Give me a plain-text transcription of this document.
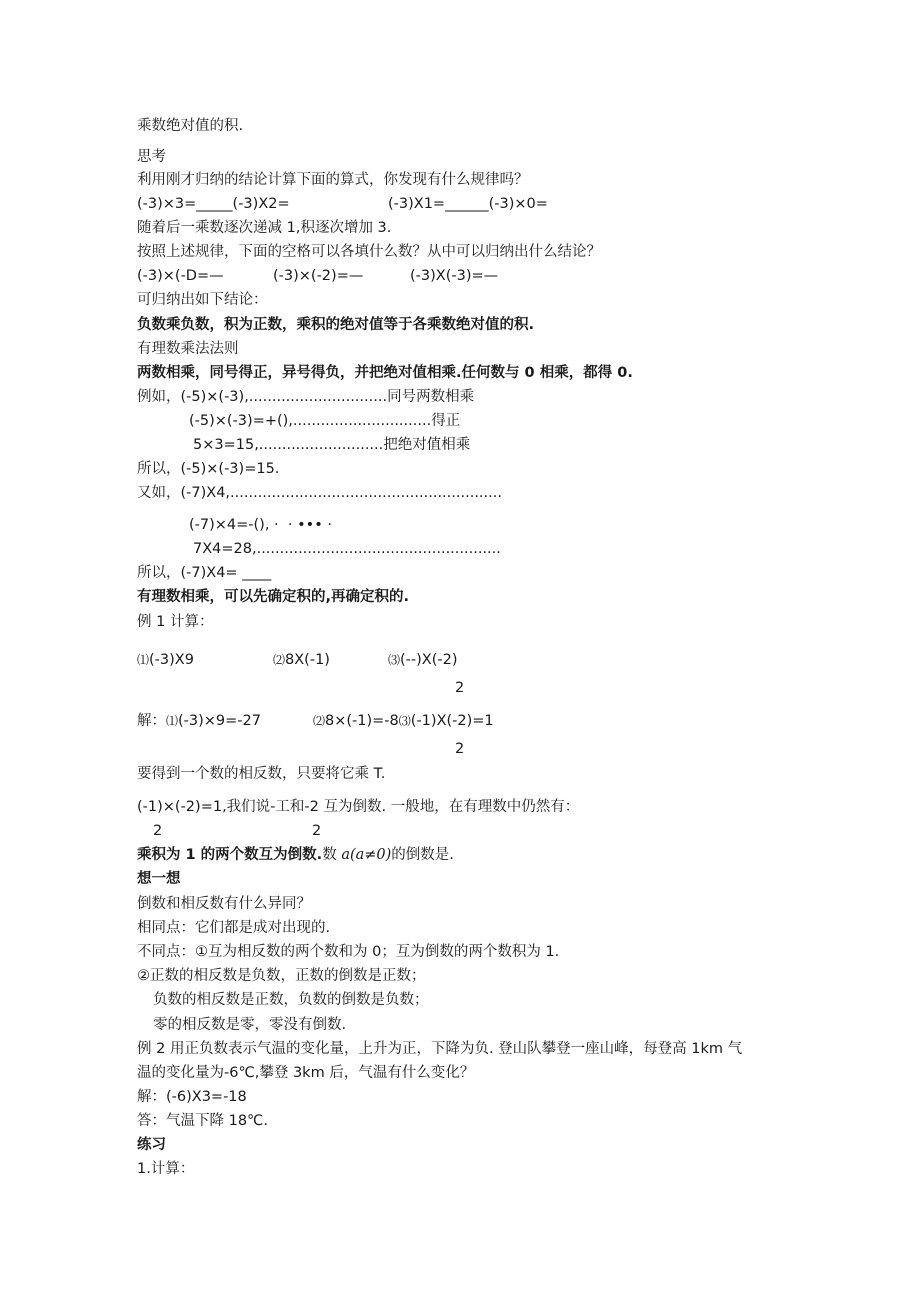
乘数绝对值的积.
思考
利用刚才归纳的结论计算下面的算式，你发现有什么规律吗？
(-3)×3=_____(-3)X2=	(-3)X1=______(-3)×0=
随着后一乘数逐次递减 1,积逐次增加 3.
按照上述规律，下面的空格可以各填什么数？从中可以归纳出什么结论？
(-3)×(-D=—	(-3)×(-2)=—	(-3)X(-3)=—
可归纳出如下结论：
负数乘负数，积为正数，乘积的绝对值等于各乘数绝对值的积.
有理数乘法法则
两数相乘，同号得正，异号得负，并把绝对值相乘.任何数与 0 相乘，都得 0.
例如，(-5)×(-3),..............................同号两数相乘
(-5)×(-3)=+(),..............................得正
5×3=15,...........................把绝对值相乘
所以，(-5)×(-3)=15.
又如，(-7)X4,...........................................................
(-7)×4=-(), ·  · ••• ·
7X4=28,.....................................................
所以，(-7)X4= ____
有理数相乘，可以先确定积的,再确定积的.
例 1 计算：
⑴(-3)X9	⑵8X(-1)	⑶(--)X(-2)
2
解：⑴(-3)×9=-27	⑵8×(-1)=-8⑶(-1)X(-2)=1
2
要得到一个数的相反数，只要将它乘 T.
(-1)×(-2)=1,我们说-工和-2 互为倒数. 一般地，在有理数中仍然有：
2	2
乘积为 1 的两个数互为倒数.数 a(a≠0)的倒数是.
想一想
倒数和相反数有什么异同？
相同点：它们都是成对出现的.
不同点：①互为相反数的两个数和为 0；互为倒数的两个数积为 1.
②正数的相反数是负数，正数的倒数是正数；
负数的相反数是正数，负数的倒数是负数；
零的相反数是零，零没有倒数.
例 2 用正负数表示气温的变化量，上升为正，下降为负. 登山队攀登一座山峰，每登高 1km 气
温的变化量为-6℃,攀登 3km 后，气温有什么变化？
解：(-6)X3=-18
答：气温下降 18℃.
练习
1.计算：
